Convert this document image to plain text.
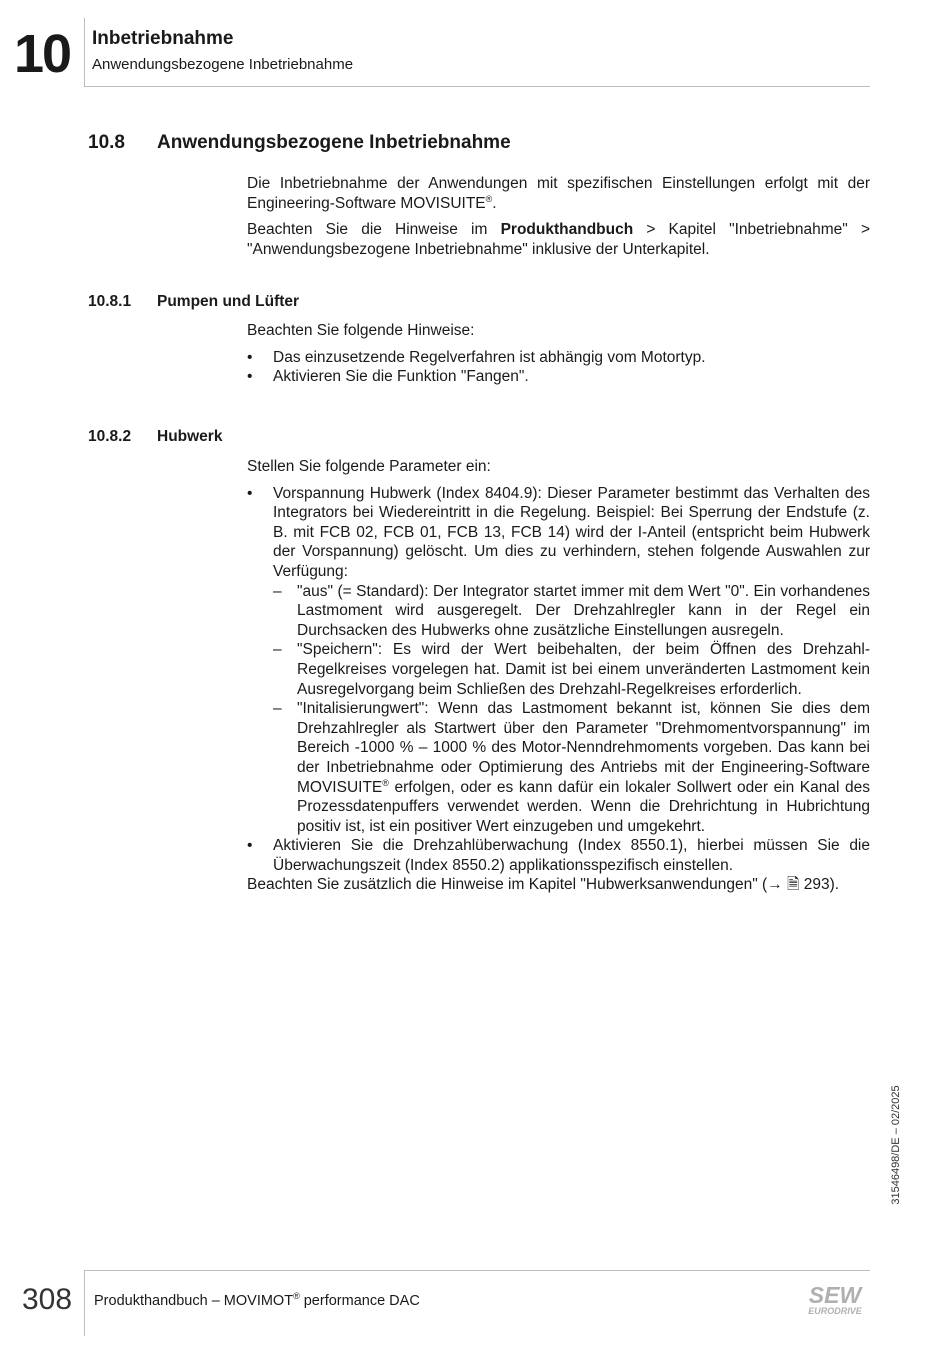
10 Inbetriebnahme
Anwendungsbezogene Inbetriebnahme
10.8 Anwendungsbezogene Inbetriebnahme

Die Inbetriebnahme der Anwendungen mit spezifischen Einstellungen erfolgt mit der Engineering-Software MOVISUITE®.

Beachten Sie die Hinweise im Produkthandbuch > Kapitel "Inbetriebnahme" > "Anwendungsbezogene Inbetriebnahme" inklusive der Unterkapitel.

10.8.1 Pumpen und Lüfter

Beachten Sie folgende Hinweise:

• Das einzusetzende Regelverfahren ist abhängig vom Motortyp.

• Aktivieren Sie die Funktion "Fangen".

10.8.2 Hubwerk

Stellen Sie folgende Parameter ein:

• Vorspannung Hubwerk (Index 8404.9): Dieser Parameter bestimmt das Verhalten des Integrators bei Wiedereintritt in die Regelung. Beispiel: Bei Sperrung der Endstufe (z. B. mit FCB 02, FCB 01, FCB 13, FCB 14) wird der I-Anteil (entspricht beim Hubwerk der Vorspannung) gelöscht. Um dies zu verhindern, stehen folgende Auswahlen zur Verfügung:

– "aus" (= Standard): Der Integrator startet immer mit dem Wert "0". Ein vorhandenes Lastmoment wird ausgeregelt. Der Drehzahlregler kann in der Regel ein Durchsacken des Hubwerks ohne zusätzliche Einstellungen ausregeln.

– "Speichern": Es wird der Wert beibehalten, der beim Öffnen des Drehzahl-Regelkreises vorgelegen hat. Damit ist bei einem unveränderten Lastmoment kein Ausregelvorgang beim Schließen des Drehzahl-Regelkreises erforderlich.

– "Initalisierungwert": Wenn das Lastmoment bekannt ist, können Sie dies dem Drehzahlregler als Startwert über den Parameter "Drehmomentvorspannung" im Bereich -1000 % – 1000 % des Motor-Nenndrehmoments vorgeben. Das kann bei der Inbetriebnahme oder Optimierung des Antriebs mit der Engineering-Software MOVISUITE® erfolgen, oder es kann dafür ein lokaler Sollwert oder ein Kanal des Prozessdatenpuffers verwendet werden. Wenn die Drehrichtung in Hubrichtung positiv ist, ist ein positiver Wert einzugeben und umgekehrt.

• Aktivieren Sie die Drehzahlüberwachung (Index 8550.1), hierbei müssen Sie die Überwachungszeit (Index 8550.2) applikationsspezifisch einstellen.

Beachten Sie zusätzlich die Hinweise im Kapitel "Hubwerksanwendungen" (→ 🗎 293).

31546498/DE – 02/2025
308 Produkthandbuch – MOVIMOT® performance DAC	SEW
EURODRIVE
